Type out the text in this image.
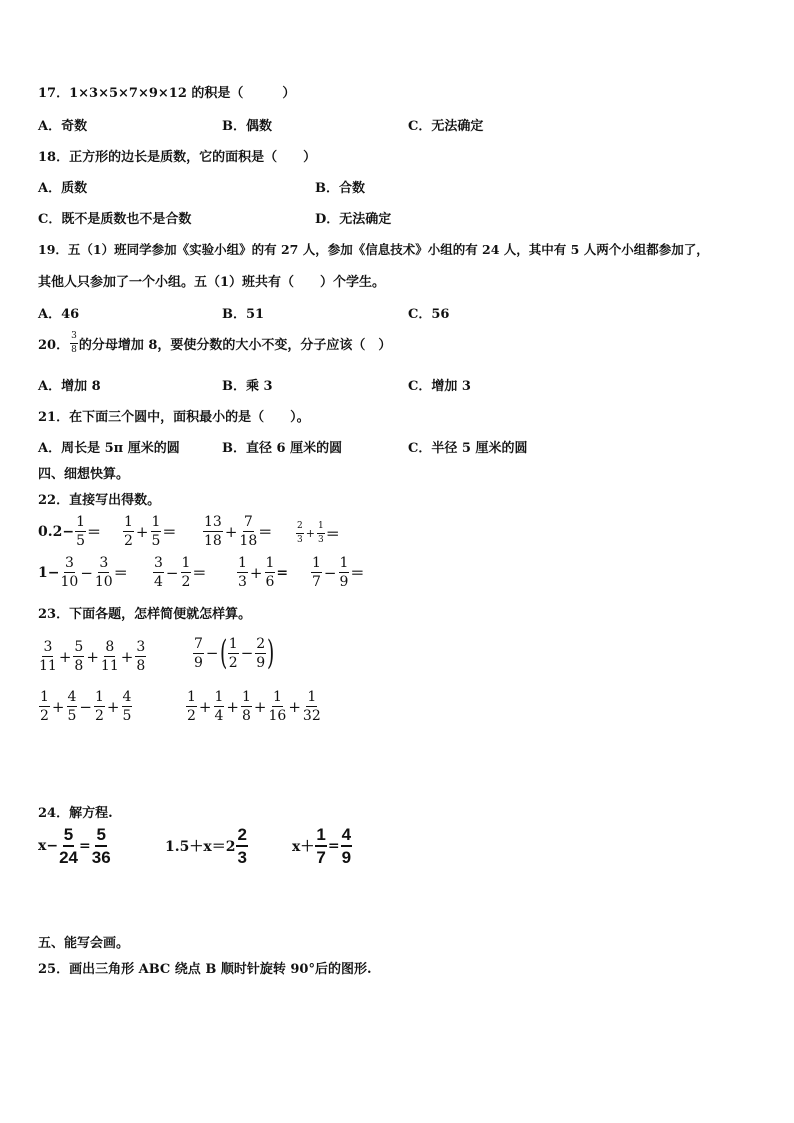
17．1×3×5×7×9×12 的积是（　　　）
A．奇数	B．偶数	C．无法确定
18．正方形的边长是质数，它的面积是（　　）
A．质数	B．合数
C．既不是质数也不是合数	D．无法确定
19．五（1）班同学参加《实验小组》的有 27 人，参加《信息技术》小组的有 24 人，其中有 5 人两个小组都参加了，
其他人只参加了一个小组。五（1）班共有（　　）个学生。
A．46	B．51	C．56
20． $\frac{3}{8}$ 的分母增加 8，要使分数的大小不变，分子应该（　）
A．增加 8	B．乘 3	C．增加 3
21．在下面三个圆中，面积最小的是（　　）。
A．周长是 5π 厘米的圆	B．直径 6 厘米的圆	C．半径 5 厘米的圆
四、细想快算。
22．直接写出得数。
$0.2- \frac{1}{5} = \frac{1}{2} + \frac{1}{5} = \frac{13}{18} + \frac{7}{18}$ ＝	$\frac{2}{3} + \frac{1}{3}$ ＝
$1- \frac{3}{10} - \frac{3}{10} = \frac{3}{4} - \frac{1}{2} = \frac{1}{3} + \frac{1}{6} = \frac{1}{7} - \frac{1}{9}$ ＝
23．下面各题，怎样简便就怎样算。
$\frac{3}{11} + \frac{5}{8} + \frac{8}{11} + \frac{3}{8}$	$\frac{7}{9}$ − ( $\frac{1}{2} - \frac{2}{9}$ )
$\frac{1}{2} + \frac{4}{5} - \frac{1}{2} + \frac{4}{5}$	$\frac{1}{2} + \frac{1}{4} + \frac{1}{8} + \frac{1}{16} + \frac{1}{32}$
24．解方程.
$x- \frac{5}{24} = \frac{5}{36}$	$1.5+x=2 \frac{2}{3}$	$x+ \frac{1}{7} = \frac{4}{9}$
五、能写会画。
25．画出三角形 ABC 绕点 B 顺时针旋转 90°后的图形.
